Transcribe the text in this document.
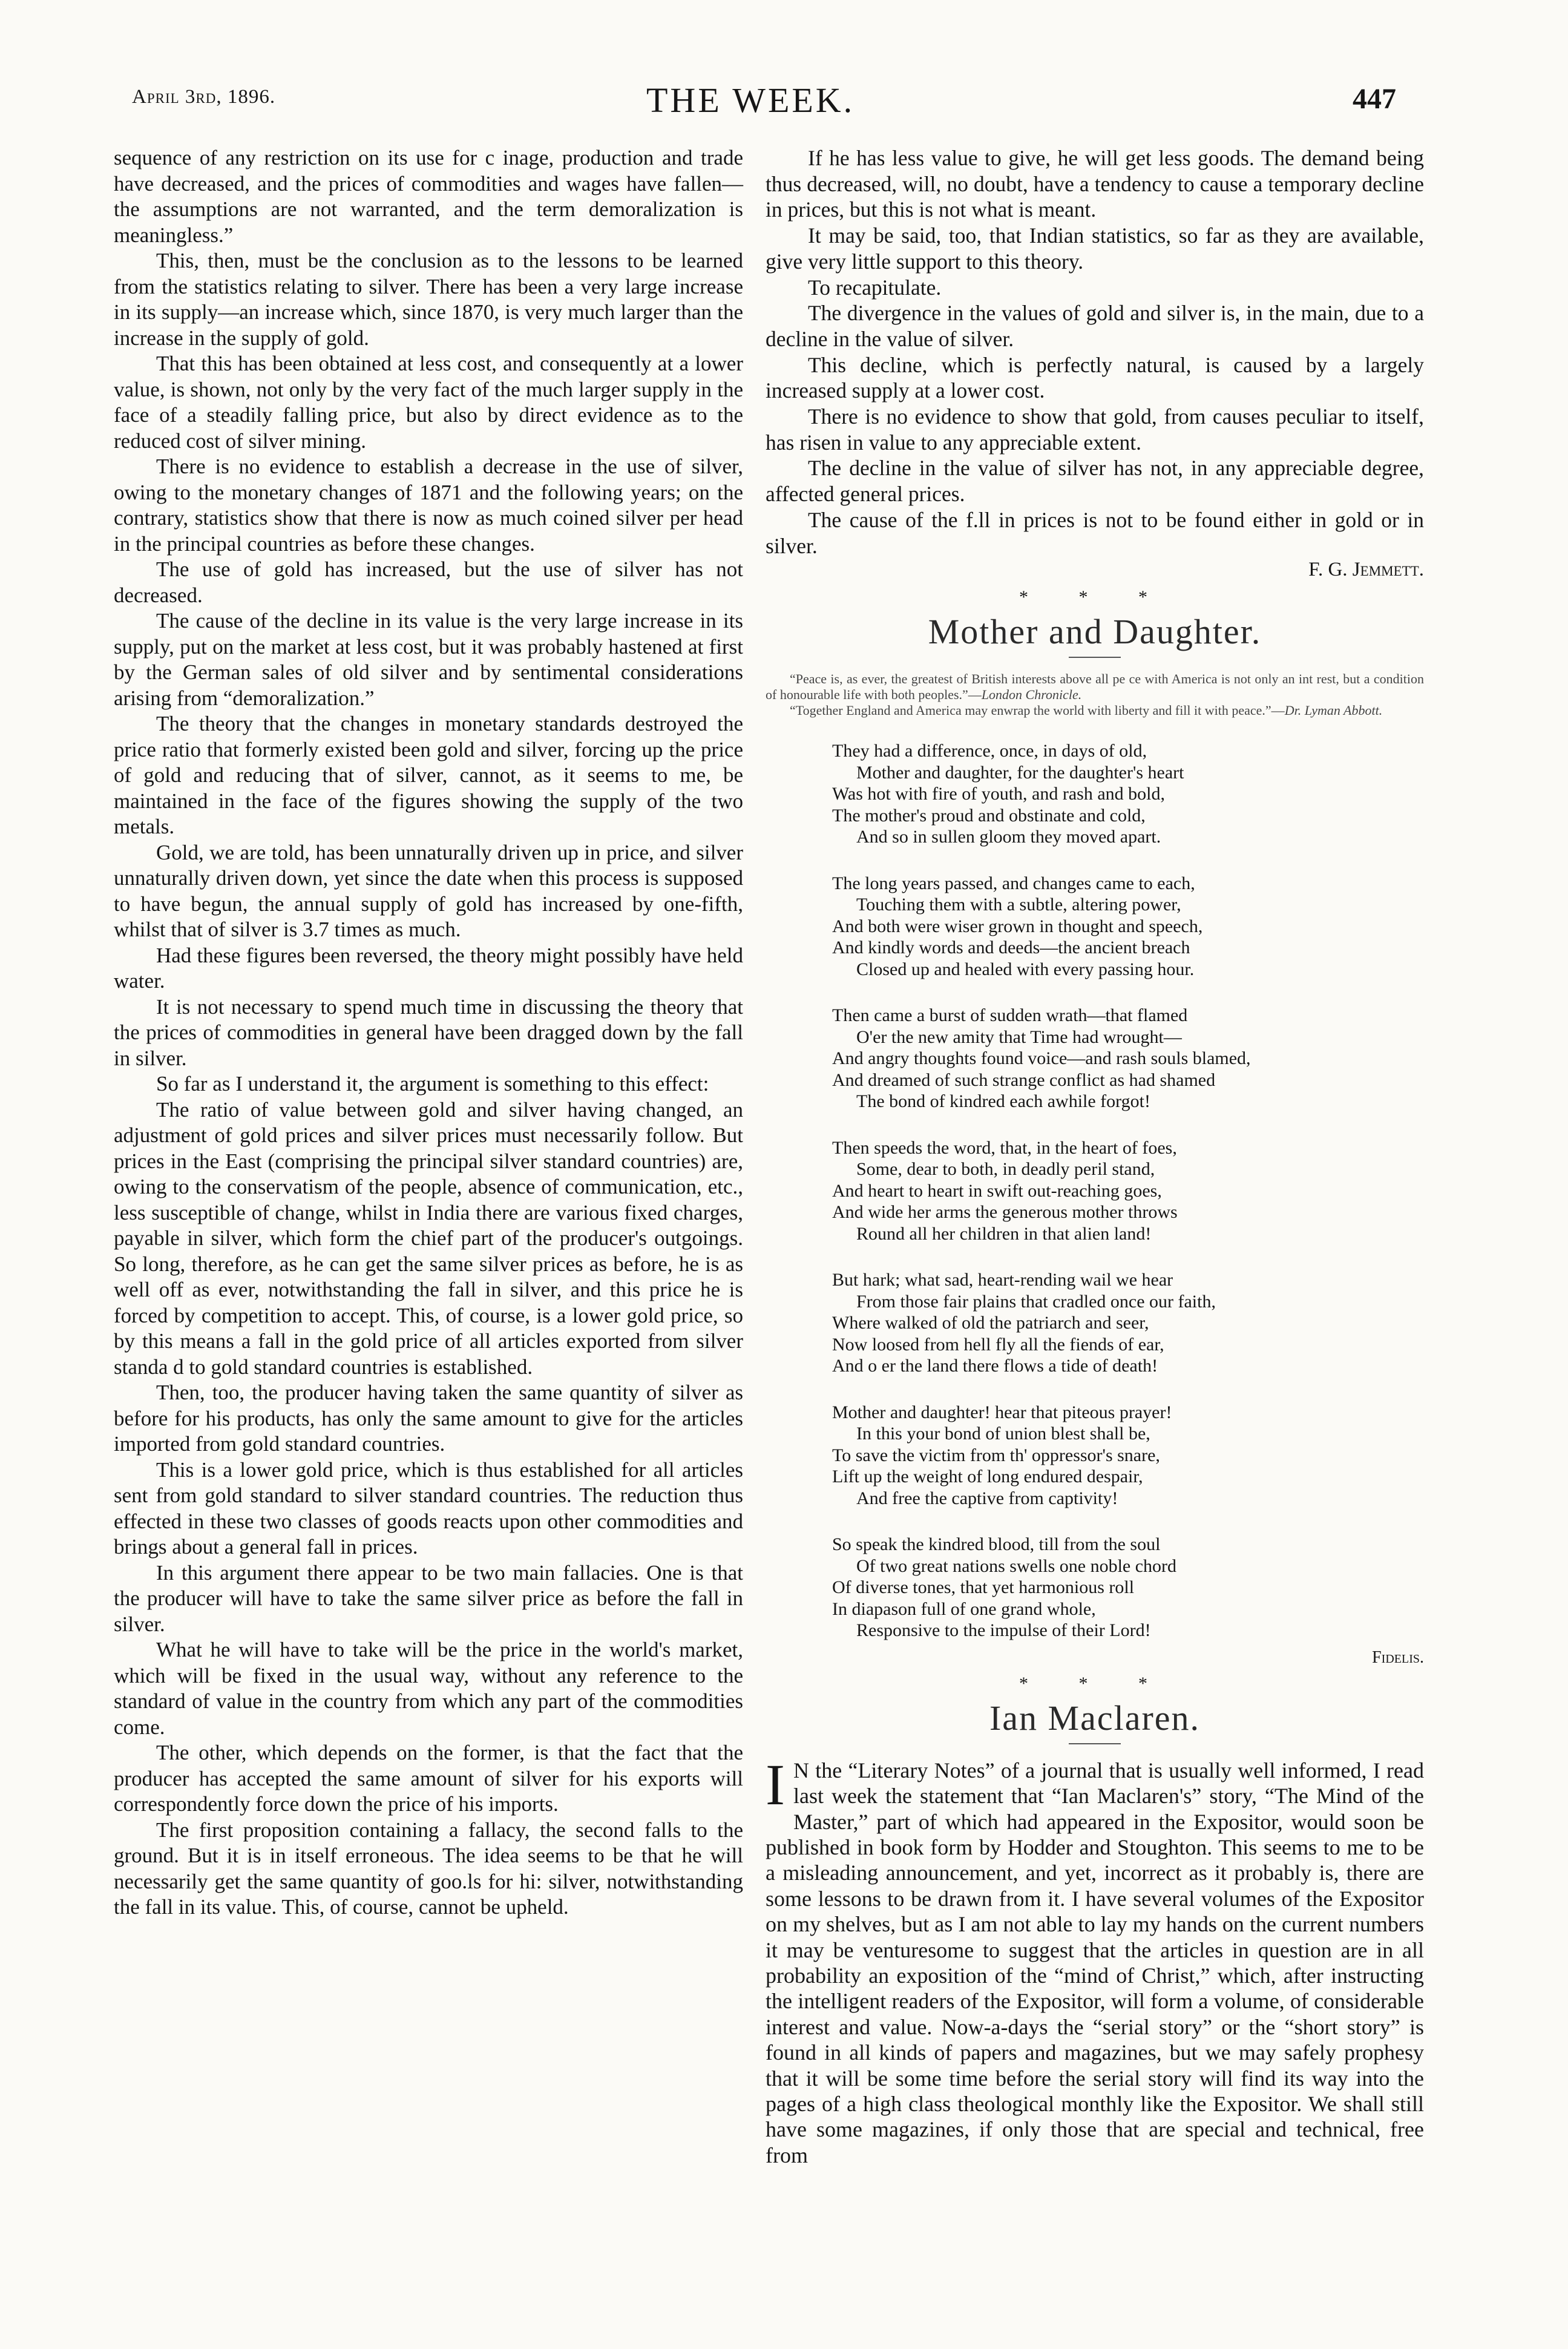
April 3rd, 1896.	THE WEEK.	447

sequence of any restriction on its use for c inage, production and trade have decreased, and the prices of commodities and wages have fallen—the assumptions are not warranted, and the term demoralization is meaningless.”

This, then, must be the conclusion as to the lessons to be learned from the statistics relating to silver. There has been a very large increase in its supply—an increase which, since 1870, is very much larger than the increase in the supply of gold.

That this has been obtained at less cost, and consequently at a lower value, is shown, not only by the very fact of the much larger supply in the face of a steadily falling price, but also by direct evidence as to the reduced cost of silver mining.

There is no evidence to establish a decrease in the use of silver, owing to the monetary changes of 1871 and the following years; on the contrary, statistics show that there is now as much coined silver per head in the principal countries as before these changes.

The use of gold has increased, but the use of silver has not decreased.

The cause of the decline in its value is the very large increase in its supply, put on the market at less cost, but it was probably hastened at first by the German sales of old silver and by sentimental considerations arising from “demoralization.”

The theory that the changes in monetary standards destroyed the price ratio that formerly existed been gold and silver, forcing up the price of gold and reducing that of silver, cannot, as it seems to me, be maintained in the face of the figures showing the supply of the two metals.

Gold, we are told, has been unnaturally driven up in price, and silver unnaturally driven down, yet since the date when this process is supposed to have begun, the annual supply of gold has increased by one-fifth, whilst that of silver is 3.7 times as much.

Had these figures been reversed, the theory might possibly have held water.

It is not necessary to spend much time in discussing the theory that the prices of commodities in general have been dragged down by the fall in silver.

So far as I understand it, the argument is something to this effect:

The ratio of value between gold and silver having changed, an adjustment of gold prices and silver prices must necessarily follow. But prices in the East (comprising the principal silver standard countries) are, owing to the conservatism of the people, absence of communication, etc., less susceptible of change, whilst in India there are various fixed charges, payable in silver, which form the chief part of the producer's outgoings. So long, therefore, as he can get the same silver prices as before, he is as well off as ever, notwithstanding the fall in silver, and this price he is forced by competition to accept. This, of course, is a lower gold price, so by this means a fall in the gold price of all articles exported from silver standa d to gold standard countries is established.

Then, too, the producer having taken the same quantity of silver as before for his products, has only the same amount to give for the articles imported from gold standard countries.

This is a lower gold price, which is thus established for all articles sent from gold standard to silver standard countries. The reduction thus effected in these two classes of goods reacts upon other commodities and brings about a general fall in prices.

In this argument there appear to be two main fallacies. One is that the producer will have to take the same silver price as before the fall in silver.

What he will have to take will be the price in the world's market, which will be fixed in the usual way, without any reference to the standard of value in the country from which any part of the commodities come.

The other, which depends on the former, is that the fact that the producer has accepted the same amount of silver for his exports will correspondently force down the price of his imports.

The first proposition containing a fallacy, the second falls to the ground. But it is in itself erroneous. The idea seems to be that he will necessarily get the same quantity of goo.ls for hi: silver, notwithstanding the fall in its value. This, of course, cannot be upheld.

If he has less value to give, he will get less goods. The demand being thus decreased, will, no doubt, have a tendency to cause a temporary decline in prices, but this is not what is meant.

It may be said, too, that Indian statistics, so far as they are available, give very little support to this theory.

To recapitulate.

The divergence in the values of gold and silver is, in the main, due to a decline in the value of silver.

This decline, which is perfectly natural, is caused by a largely increased supply at a lower cost.

There is no evidence to show that gold, from causes peculiar to itself, has risen in value to any appreciable extent.

The decline in the value of silver has not, in any appreciable degree, affected general prices.

The cause of the f.ll in prices is not to be found either in gold or in silver.

F. G. Jemmett.
* * *
Mother and Daughter.

“Peace is, as ever, the greatest of British interests above all pe ce with America is not only an int rest, but a condition of honourable life with both peoples.”—London Chronicle.

“Together England and America may enwrap the world with liberty and fill it with peace.”—Dr. Lyman Abbott.

They had a difference, once, in days of old,
Mother and daughter, for the daughter's heart
Was hot with fire of youth, and rash and bold,
The mother's proud and obstinate and cold,
And so in sullen gloom they moved apart.
The long years passed, and changes came to each,
Touching them with a subtle, altering power,
And both were wiser grown in thought and speech,
And kindly words and deeds—the ancient breach
Closed up and healed with every passing hour.
Then came a burst of sudden wrath—that flamed
O'er the new amity that Time had wrought—
And angry thoughts found voice—and rash souls blamed,
And dreamed of such strange conflict as had shamed
The bond of kindred each awhile forgot!
Then speeds the word, that, in the heart of foes,
Some, dear to both, in deadly peril stand,
And heart to heart in swift out-reaching goes,
And wide her arms the generous mother throws
Round all her children in that alien land!
But hark; what sad, heart-rending wail we hear
From those fair plains that cradled once our faith,
Where walked of old the patriarch and seer,
Now loosed from hell fly all the fiends of ear,
And o er the land there flows a tide of death!
Mother and daughter! hear that piteous prayer!
In this your bond of union blest shall be,
To save the victim from th' oppressor's snare,
Lift up the weight of long endured despair,
And free the captive from captivity!
So speak the kindred blood, till from the soul
Of two great nations swells one noble chord
Of diverse tones, that yet harmonious roll
In diapason full of one grand whole,
Responsive to the impulse of their Lord!
Fidelis.
* * *
Ian Maclaren.

I N the “Literary Notes” of a journal that is usually well informed, I read last week the statement that “Ian Maclaren's” story, “The Mind of the Master,” part of which had appeared in the Expositor, would soon be published in book form by Hodder and Stoughton. This seems to me to be a misleading announcement, and yet, incorrect as it probably is, there are some lessons to be drawn from it. I have several volumes of the Expositor on my shelves, but as I am not able to lay my hands on the current numbers it may be venturesome to suggest that the articles in question are in all probability an exposition of the “mind of Christ,” which, after instructing the intelligent readers of the Expositor, will form a volume, of considerable interest and value. Now-a-days the “serial story” or the “short story” is found in all kinds of papers and magazines, but we may safely prophesy that it will be some time before the serial story will find its way into the pages of a high class theological monthly like the Expositor. We shall still have some magazines, if only those that are special and technical, free from
